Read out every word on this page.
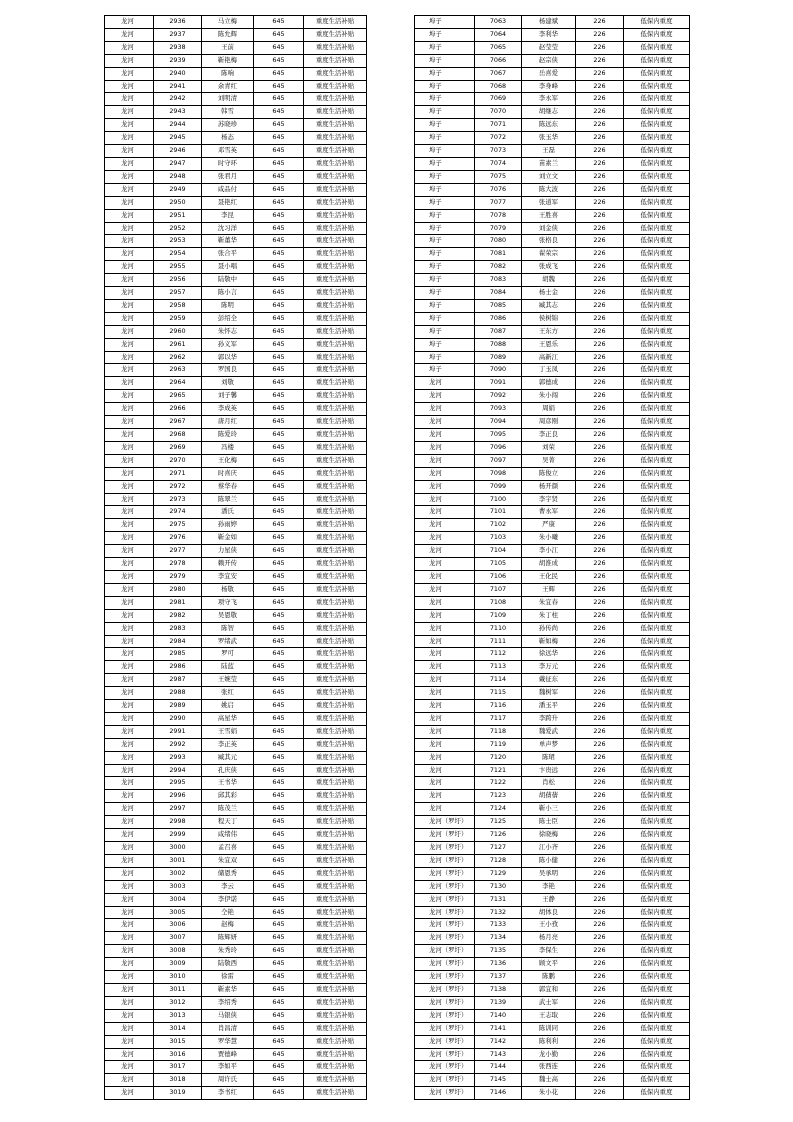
龙河	2936	马立梅	645	重度生活补贴
龙河	2937	陈允辉	645	重度生活补贴
龙河	2938	王前	645	重度生活补贴
龙河	2939	靳艳梅	645	重度生活补贴
龙河	2940	陈响	645	重度生活补贴
龙河	2941	余青红	645	重度生活补贴
龙河	2942	刘明清	645	重度生活补贴
龙河	2943	韩雪	645	重度生活补贴
龙河	2944	苏晓珍	645	重度生活补贴
龙河	2945	杨态	645	重度生活补贴
龙河	2946	邓雪英	645	重度生活补贴
龙河	2947	时守环	645	重度生活补贴
龙河	2948	张君月	645	重度生活补贴
龙河	2949	咸品付	645	重度生活补贴
龙河	2950	聂艳红	645	重度生活补贴
龙河	2951	李昆	645	重度生活补贴
龙河	2952	沈习洋	645	重度生活补贴
龙河	2953	靳董华	645	重度生活补贴
龙河	2954	张合平	645	重度生活补贴
龙河	2955	聂小唱	645	重度生活补贴
龙河	2956	陆敬中	645	重度生活补贴
龙河	2957	陈小言	645	重度生活补贴
龙河	2958	陈明	645	重度生活补贴
龙河	2959	彭绍全	645	重度生活补贴
龙河	2960	朱怀志	645	重度生活补贴
龙河	2961	孙义军	645	重度生活补贴
龙河	2962	郭以华	645	重度生活补贴
龙河	2963	罗国良	645	重度生活补贴
龙河	2964	刘敬	645	重度生活补贴
龙河	2965	刘子馨	645	重度生活补贴
龙河	2966	李成英	645	重度生活补贴
龙河	2967	唐月红	645	重度生活补贴
龙河	2968	陈爱玲	645	重度生活补贴
龙河	2969	冯楼	645	重度生活补贴
龙河	2970	王化梅	645	重度生活补贴
龙河	2971	时喜庆	645	重度生活补贴
龙河	2972	蔡华春	645	重度生活补贴
龙河	2973	陈翠兰	645	重度生活补贴
龙河	2974	潘氏	645	重度生活补贴
龙河	2975	孙雨婷	645	重度生活补贴
龙河	2976	靳金如	645	重度生活补贴
龙河	2977	力星侠	645	重度生活补贴
龙河	2978	赖开传	645	重度生活补贴
龙河	2979	李宜安	645	重度生活补贴
龙河	2980	杨敬	645	重度生活补贴
龙河	2981	项守飞	645	重度生活补贴
龙河	2982	吴恩敬	645	重度生活补贴
龙河	2983	陈智	645	重度生活补贴
龙河	2984	罗绪武	645	重度生活补贴
龙河	2985	罗可	645	重度生活补贴
龙河	2986	陆蓝	645	重度生活补贴
龙河	2987	王婉莹	645	重度生活补贴
龙河	2988	张红	645	重度生活补贴
龙河	2989	姚启	645	重度生活补贴
龙河	2990	高星华	645	重度生活补贴
龙河	2991	王雪娟	645	重度生活补贴
龙河	2992	李正英	645	重度生活补贴
龙河	2993	臧其元	645	重度生活补贴
龙河	2994	孔庆侠	645	重度生活补贴
龙河	2995	王书华	645	重度生活补贴
龙河	2996	邱其彩	645	重度生活补贴
龙河	2997	陈茂兰	645	重度生活补贴
龙河	2998	程天丁	645	重度生活补贴
龙河	2999	咸绪伟	645	重度生活补贴
龙河	3000	孟召喜	645	重度生活补贴
龙河	3001	朱宜双	645	重度生活补贴
龙河	3002	储恩秀	645	重度生活补贴
龙河	3003	李云	645	重度生活补贴
龙河	3004	李伊诺	645	重度生活补贴
龙河	3005	仝艳	645	重度生活补贴
龙河	3006	赵梅	645	重度生活补贴
龙河	3007	陈辉妍	645	重度生活补贴
龙河	3008	朱秀玲	645	重度生活补贴
龙河	3009	陆敬西	645	重度生活补贴
龙河	3010	徐雷	645	重度生活补贴
龙河	3011	靳素华	645	重度生活补贴
龙河	3012	李绍秀	645	重度生活补贴
龙河	3013	马银侠	645	重度生活补贴
龙河	3014	肖昌清	645	重度生活补贴
龙河	3015	罗华慧	645	重度生活补贴
龙河	3016	贾德峰	645	重度生活补贴
龙河	3017	李如平	645	重度生活补贴
龙河	3018	周许氏	645	重度生活补贴
龙河	3019	李书红	645	重度生活补贴
埠子	7063	杨建斌	226	低保内重度
埠子	7064	李利华	226	低保内重度
埠子	7065	赵莹莹	226	低保内重度
埠子	7066	赵宗侠	226	低保内重度
埠子	7067	岳喜爱	226	低保内重度
埠子	7068	李身峰	226	低保内重度
埠子	7069	李永军	226	低保内重度
埠子	7070	胡继志	226	低保内重度
埠子	7071	陈远东	226	低保内重度
埠子	7072	张玉华	226	低保内重度
埠子	7073	王磊	226	低保内重度
埠子	7074	苗素兰	226	低保内重度
埠子	7075	刘立文	226	低保内重度
埠子	7076	陈大波	226	低保内重度
埠子	7077	张道军	226	低保内重度
埠子	7078	王胜喜	226	低保内重度
埠子	7079	刘金侠	226	低保内重度
埠子	7080	张格良	226	低保内重度
埠子	7081	翟荣宗	226	低保内重度
埠子	7082	张成飞	226	低保内重度
埠子	7083	胡魏	226	低保内重度
埠子	7084	杨士金	226	低保内重度
埠子	7085	臧其志	226	低保内重度
埠子	7086	侯树锦	226	低保内重度
埠子	7087	王东方	226	低保内重度
埠子	7088	王恩乐	226	低保内重度
埠子	7089	高新江	226	低保内重度
埠子	7090	丁玉凤	226	低保内重度
龙河	7091	郭德成	226	低保内重度
龙河	7092	朱小闯	226	低保内重度
龙河	7093	周娟	226	低保内重度
龙河	7094	周彦刚	226	低保内重度
龙河	7095	李正良	226	低保内重度
龙河	7096	刘荣	226	低保内重度
龙河	7097	吴菁	226	低保内重度
龙河	7098	陈俊立	226	低保内重度
龙河	7099	杨开颜	226	低保内重度
龙河	7100	李宇贤	226	低保内重度
龙河	7101	曹永军	226	低保内重度
龙河	7102	严康	226	低保内重度
龙河	7103	朱小曦	226	低保内重度
龙河	7104	李小江	226	低保内重度
龙河	7105	胡淮成	226	低保内重度
龙河	7106	王化民	226	低保内重度
龙河	7107	王辉	226	低保内重度
龙河	7108	朱宜春	226	低保内重度
龙河	7109	朱丁柱	226	低保内重度
龙河	7110	孙传尚	226	低保内重度
龙河	7111	靳如梅	226	低保内重度
龙河	7112	徐远华	226	低保内重度
龙河	7113	李万元	226	低保内重度
龙河	7114	戴征东	226	低保内重度
龙河	7115	魏树军	226	低保内重度
龙河	7116	潘玉平	226	低保内重度
龙河	7117	李跨升	226	低保内重度
龙河	7118	魏爱武	226	低保内重度
龙河	7119	单声梦	226	低保内重度
龙河	7120	陈珺	226	低保内重度
龙河	7121	卞贵远	226	低保内重度
龙河	7122	肖松	226	低保内重度
龙河	7123	胡蒨蒨	226	低保内重度
龙河	7124	靳小三	226	低保内重度
龙河（罗圩）	7125	陈士臣	226	低保内重度
龙河（罗圩）	7126	徐晓梅	226	低保内重度
龙河（罗圩）	7127	江小齐	226	低保内重度
龙河（罗圩）	7128	陈小健	226	低保内重度
龙河（罗圩）	7129	吴承明	226	低保内重度
龙河（罗圩）	7130	李艳	226	低保内重度
龙河（罗圩）	7131	王静	226	低保内重度
龙河（罗圩）	7132	胡体良	226	低保内重度
龙河（罗圩）	7133	王小孜	226	低保内重度
龙河（罗圩）	7134	杨月亮	226	低保内重度
龙河（罗圩）	7135	李保生	226	低保内重度
龙河（罗圩）	7136	顾文平	226	低保内重度
龙河（罗圩）	7137	陈鹏	226	低保内重度
龙河（罗圩）	7138	郭宜和	226	低保内重度
龙河（罗圩）	7139	武士军	226	低保内重度
龙河（罗圩）	7140	王志取	226	低保内重度
龙河（罗圩）	7141	陈训同	226	低保内重度
龙河（罗圩）	7142	陈利利	226	低保内重度
龙河（罗圩）	7143	龙小勤	226	低保内重度
龙河（罗圩）	7144	张西连	226	低保内重度
龙河（罗圩）	7145	魏士高	226	低保内重度
龙河（罗圩）	7146	朱小花	226	低保内重度
